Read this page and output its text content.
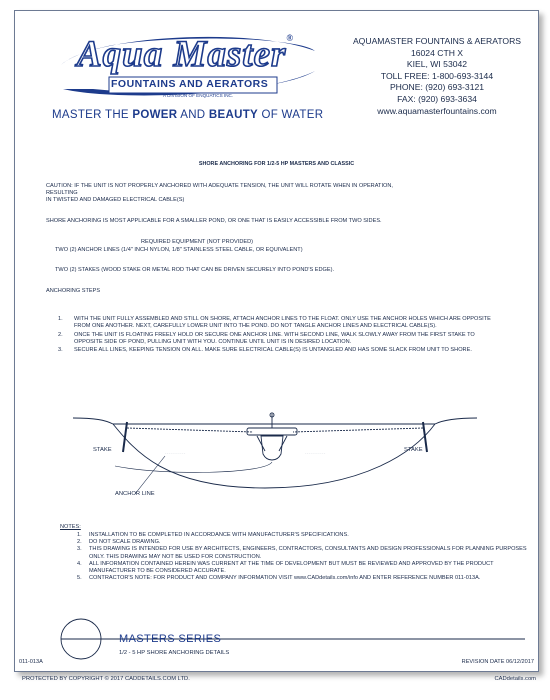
Aqua Master®
FOUNTAINS AND AERATORS
A DIVISION OF ENQUATICS INC.
MASTER THE POWER AND BEAUTY OF WATER
AQUAMASTER FOUNTAINS & AERATORS
16024 CTH X
KIEL, WI 53042
TOLL FREE: 1-800-693-3144
PHONE: (920) 693-3121
FAX: (920) 693-3634
www.aquamasterfountains.com
SHORE ANCHORING FOR 1/2-5 HP MASTERS AND CLASSIC
CAUTION: IF THE UNIT IS NOT PROPERLY ANCHORED WITH ADEQUATE TENSION, THE UNIT WILL ROTATE WHEN IN OPERATION,
RESULTING
IN TWISTED AND DAMAGED ELECTRICAL CABLE(S)
SHORE ANCHORING IS MOST APPLICABLE FOR A SMALLER POND, OR ONE THAT IS EASILY ACCESSIBLE FROM TWO SIDES.
REQUIRED EQUIPMENT (NOT PROVIDED)
TWO (2) ANCHOR LINES (1/4" INCH NYLON, 1/8" STAINLESS STEEL CABLE, OR EQUIVALENT)
TWO (2) STAKES (WOOD STAKE OR METAL ROD THAT CAN BE DRIVEN SECURELY INTO POND'S EDGE).
ANCHORING STEPS
1. WITH THE UNIT FULLY ASSEMBLED AND STILL ON SHORE, ATTACH ANCHOR LINES TO THE FLOAT. ONLY USE THE ANCHOR HOLES WHICH ARE OPPOSITE FROM ONE ANOTHER. NEXT, CAREFULLY LOWER UNIT INTO THE POND. DO NOT TANGLE ANCHOR LINES AND ELECTRICAL CABLE(S).
2. ONCE THE UNIT IS FLOATING FREELY HOLD OR SECURE ONE ANCHOR LINE. WITH SECOND LINE, WALK SLOWLY AWAY FROM THE FIRST STAKE TO OPPOSITE SIDE OF POND, PULLING UNIT WITH YOU. CONTINUE UNTIL UNIT IS IN DESIRED LOCATION.
3. SECURE ALL LINES, KEEPING TENSION ON ALL. MAKE SURE ELECTRICAL CABLE(S) IS UNTANGLED AND HAS SOME SLACK FROM UNIT TO SHORE.
~ ~ ~ ~ ~ ~ ~ ~ ~ ~ ~	~ ~ ~ ~ ~ ~ ~ ~ ~ ~ ~
STAKE	STAKE
ANCHOR LINE
NOTES:
1. INSTALLATION TO BE COMPLETED IN ACCORDANCE WITH MANUFACTURER'S SPECIFICATIONS.
2. DO NOT SCALE DRAWING.
3. THIS DRAWING IS INTENDED FOR USE BY ARCHITECTS, ENGINEERS, CONTRACTORS, CONSULTANTS AND DESIGN PROFESSIONALS FOR PLANNING PURPOSES ONLY. THIS DRAWING MAY NOT BE USED FOR CONSTRUCTION.
4. ALL INFORMATION CONTAINED HEREIN WAS CURRENT AT THE TIME OF DEVELOPMENT BUT MUST BE REVIEWED AND APPROVED BY THE PRODUCT MANUFACTURER TO BE CONSIDERED ACCURATE.
5. CONTRACTOR'S NOTE: FOR PRODUCT AND COMPANY INFORMATION VISIT www.CADdetails.com/info AND ENTER REFERENCE NUMBER 011-013A.
MASTERS SERIES
1/2 - 5 HP SHORE ANCHORING DETAILS
011-013A	REVISION DATE 06/12/2017
PROTECTED BY COPYRIGHT © 2017 CADDETAILS.COM LTD.	CADdetails.com
